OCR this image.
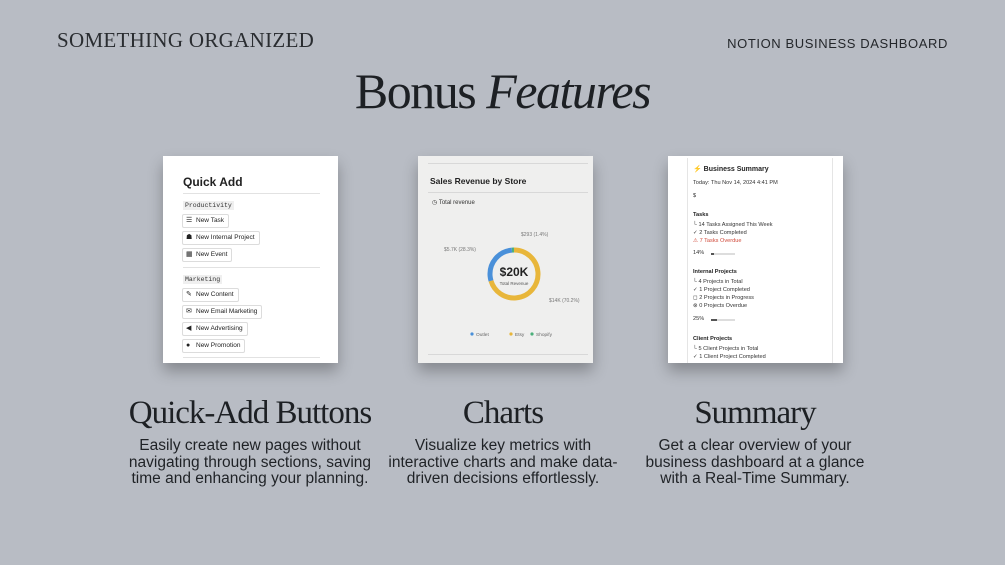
SOMETHING ORGANIZED	NOTION BUSINESS DASHBOARD
Bonus Features
Quick Add
Productivity
☰ New Task
☗ New Internal Project
▦ New Event
Marketing
✎ New Content
✉ New Email Marketing
◀ New Advertising
● New Promotion
Sales Revenue by Store
◷ Total revenue
$20K
Total Revenue
$293 (1.4%)
$5.7K (28.3%)
$14K (70.2%)
Outlet	Etsy Shopify
⚡ Business Summary
Today: Thu Nov 14, 2024 4:41 PM
$
Tasks
└ 14 Tasks Assigned This Week
✓ 2 Tasks Completed
⚠ 7 Tasks Overdue
14%
Internal Projects
└ 4 Projects in Total
✓ 1 Project Completed
◻ 2 Projects in Progress
⊗ 0 Projects Overdue
25%
Client Projects
└ 5 Client Projects in Total
✓ 1 Client Project Completed
Quick-Add Buttons

Easily create new pages without navigating through sections, saving time and enhancing your planning.

Charts

Visualize key metrics with interactive charts and make data-driven decisions effortlessly.

Summary

Get a clear overview of your business dashboard at a glance with a Real-Time Summary.
